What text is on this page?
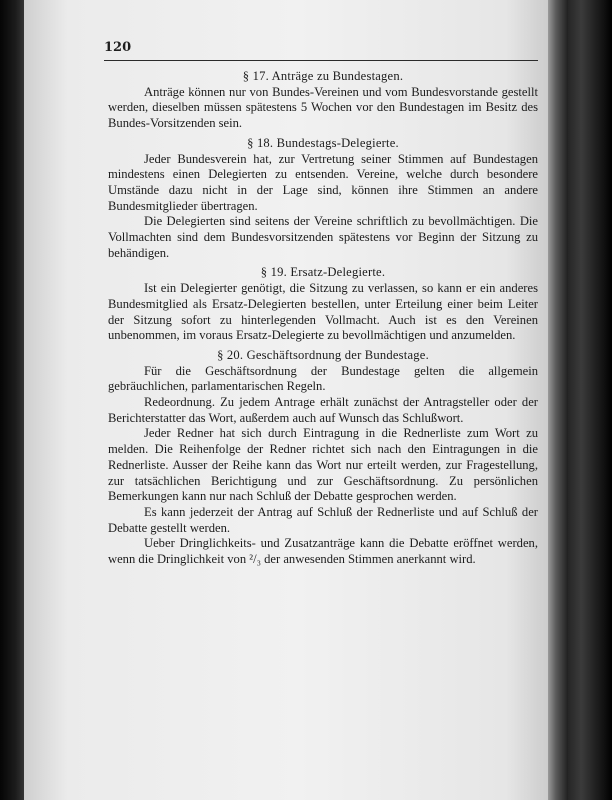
120
§ 17. Anträge zu Bundestagen.

Anträge können nur von Bundes-Vereinen und vom Bundesvorstande gestellt werden, dieselben müssen spätestens 5 Wochen vor den Bundestagen im Besitz des Bundes-Vorsitzenden sein.

§ 18. Bundestags-Delegierte.

Jeder Bundesverein hat, zur Vertretung seiner Stimmen auf Bundestagen mindestens einen Delegierten zu entsenden. Vereine, welche durch besondere Umstände dazu nicht in der Lage sind, können ihre Stimmen an andere Bundesmitglieder übertragen.

Die Delegierten sind seitens der Vereine schriftlich zu bevollmächtigen. Die Vollmachten sind dem Bundesvorsitzenden spätestens vor Beginn der Sitzung zu behändigen.

§ 19. Ersatz-Delegierte.

Ist ein Delegierter genötigt, die Sitzung zu verlassen, so kann er ein anderes Bundesmitglied als Ersatz-Delegierten bestellen, unter Erteilung einer beim Leiter der Sitzung sofort zu hinterlegenden Vollmacht. Auch ist es den Vereinen unbenommen, im voraus Ersatz-Delegierte zu bevollmächtigen und anzumelden.

§ 20. Geschäftsordnung der Bundestage.

Für die Geschäftsordnung der Bundestage gelten die allgemein gebräuchlichen, parlamentarischen Regeln.

Redeordnung. Zu jedem Antrage erhält zunächst der Antragsteller oder der Berichterstatter das Wort, außerdem auch auf Wunsch das Schlußwort.

Jeder Redner hat sich durch Eintragung in die Rednerliste zum Wort zu melden. Die Reihenfolge der Redner richtet sich nach den Eintragungen in die Rednerliste. Ausser der Reihe kann das Wort nur erteilt werden, zur Fragestellung, zur tatsächlichen Berichtigung und zur Geschäftsordnung. Zu persönlichen Bemerkungen kann nur nach Schluß der Debatte gesprochen werden.

Es kann jederzeit der Antrag auf Schluß der Rednerliste und auf Schluß der Debatte gestellt werden.

Ueber Dringlichkeits- und Zusatzanträge kann die Debatte eröffnet werden, wenn die Dringlichkeit von ²/₃ der anwesenden Stimmen anerkannt wird.
